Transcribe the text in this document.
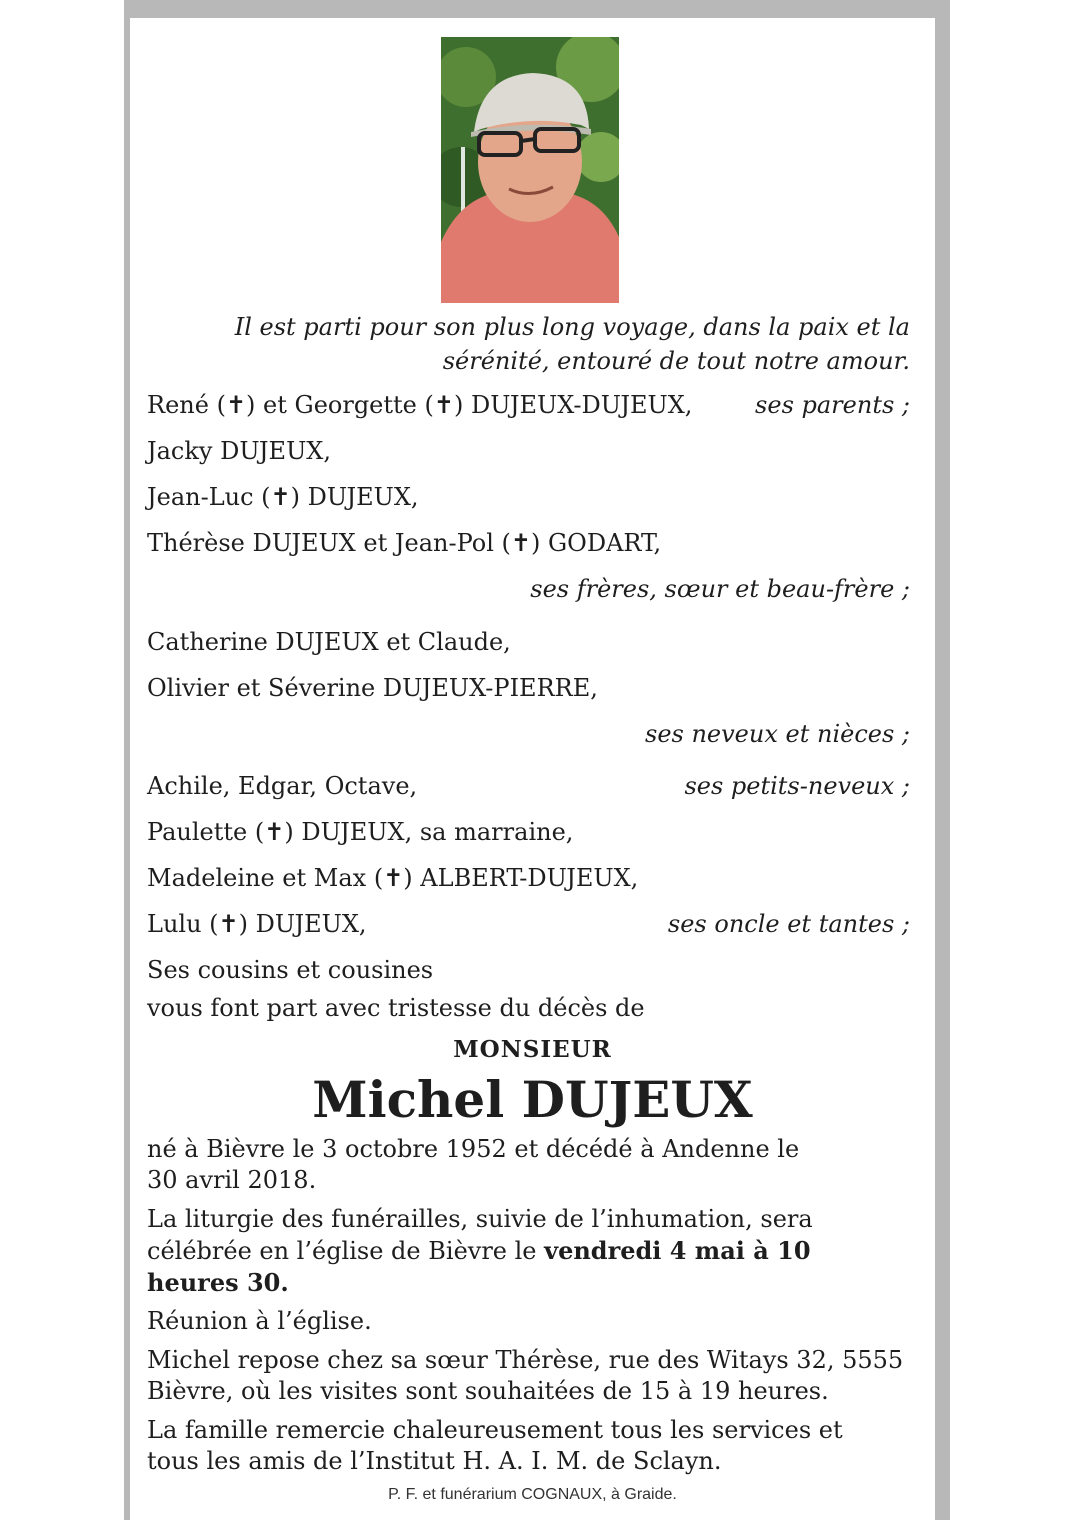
Il est parti pour son plus long voyage, dans la paix et la
sérénité, entouré de tout notre amour.
René (✝) et Georgette (✝) DUJEUX-DUJEUX,	ses parents ;
Jacky DUJEUX,
Jean-Luc (✝) DUJEUX,
Thérèse DUJEUX et Jean-Pol (✝) GODART,
ses frères, sœur et beau-frère ;
Catherine DUJEUX et Claude,
Olivier et Séverine DUJEUX-PIERRE,
ses neveux et nièces ;
Achile, Edgar, Octave,	ses petits-neveux ;
Paulette (✝) DUJEUX, sa marraine,
Madeleine et Max (✝) ALBERT-DUJEUX,
Lulu (✝) DUJEUX,	ses oncle et tantes ;
Ses cousins et cousines
vous font part avec tristesse du décès de
MONSIEUR
Michel DUJEUX
né à Bièvre le 3 octobre 1952 et décédé à Andenne le 30 avril 2018.
La liturgie des funérailles, suivie de l’inhumation, sera célébrée en l’église de Bièvre le vendredi 4 mai à 10 heures 30.
Réunion à l’église.
Michel repose chez sa sœur Thérèse, rue des Witays 32, 5555 Bièvre, où les visites sont souhaitées de 15 à 19 heures.
La famille remercie chaleureusement tous les services et tous les amis de l’Institut H. A. I. M. de Sclayn.
P. F. et funérarium COGNAUX, à Graide.
